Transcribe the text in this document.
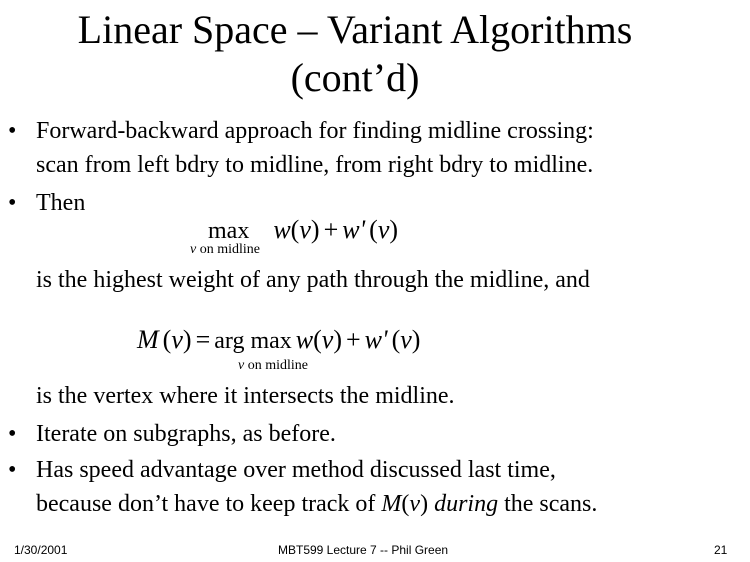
Linear Space – Variant Algorithms
(cont’d)
• Forward-backward approach for finding midline crossing:
scan from left bdry to midline, from right bdry to midline.
• Then
max w(v) + w' (v)
v on midline
is the highest weight of any path through the midline, and
M (v) = arg max w(v) + w' (v)
v on midline
is the vertex where it intersects the midline.
• Iterate on subgraphs, as before.
• Has speed advantage over method discussed last time,
because don’t have to keep track of M(v) during the scans.
1/30/2001	MBT599 Lecture 7 -- Phil Green	21
